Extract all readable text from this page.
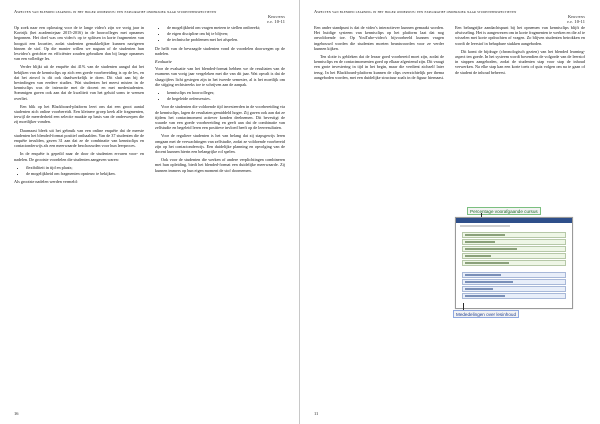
Aspecten van blended learning in het hoger onderwijs: een exploratief onderzoek naar studentperspectieven
Kerstens
p.p. 10-11

Op zoek naar een oplossing voor de te lange video's zijn we vorig jaar in Kortrijk (het academiejaar 2015-2016) in de hoorcolleges met opnames begonnen. Het doel was om video's op te splitsen in korte fragmenten van hooguit een kwartier, zodat studenten gemakkelijker kunnen navigeren binnen de stof. Op die manier willen we nagaan of de studenten hun lesvideo's gerichter en efficiënter zouden gebruiken dan bij lange opnames van een volledige les.

Verder blijkt uit de enquête dat 41% van de studenten aangaf dat het bekijken van de kennisclips op zich een goede voorbereiding is op de les, en dat het zinvol is dit ook daadwerkelijk te doen. Dit sluit aan bij de bevindingen van eerdere studies. Wat studenten het meest misten in de kennisclips was de interactie met de docent en met medestudenten. Sommigen gaven ook aan dat de kwaliteit van het geluid soms te wensen overliet.

Een blik op het Blackboard-platform leert ons dat een groot aantal studenten zich online voorbereidt. Een kleinere groep keek alle fragmenten, terwijl de meerderheid een selectie maakte op basis van de onderwerpen die zij moeilijker vonden.

Daarnaast bleek uit het gebruik van een online enquête dat de meeste studenten het blended-format positief onthaalden. Van de 37 studenten die de enquête invulden, gaven 31 aan dat ze de combinatie van kennisclips en contactonderwijs als een meerwaarde beschouwden voor hun leerproces.

In de enquête is gepeild naar de door de studenten ervaren voor- en nadelen. De grootste voordelen die studenten aangaven waren:

• flexibiliteit in tijd en plaats;
• de mogelijkheid om fragmenten opnieuw te bekijken.

Als grootste nadelen werden vermeld:

• de mogelijkheid om vragen meteen te stellen ontbreekt;
• de eigen discipline om bij te blijven;
• de technische problemen met het afspelen.

De helft van de bevraagde studenten vond de voordelen doorwegen op de nadelen.

Evaluatie

Voor de evaluatie van het blended-format hebben we de resultaten van de examens van vorig jaar vergeleken met die van dit jaar. Wat opvalt is dat de slaagcijfers licht gestegen zijn in het tweede semester, al is het moeilijk om die stijging rechtstreeks toe te schrijven aan de aanpak.

• kennisclips en hoorcolleges;
• de begeleide oefensessies.

Voor de studenten die voldoende tijd investeerden in de voorbereiding via de kennisclips, lagen de resultaten gemiddeld hoger. Zij gaven ook aan dat ze tijdens het contactmoment actiever konden deelnemen. Dit bevestigt de waarde van een goede voorbereiding en geeft aan dat de combinatie van zelfstudie en begeleid leren een positieve invloed heeft op de leerresultaten.

Voor de reguliere studenten is het van belang dat zij stapsgewijs leren omgaan met de verwachtingen van zelfstudie, zodat ze voldoende voorbereid zijn op het contactonderwijs. Een duidelijke planning en opvolging van de docent kunnen hierin een belangrijke rol spelen.

Ook voor de studenten die werken of andere verplichtingen combineren met hun opleiding, biedt het blended-format een duidelijke meerwaarde. Zij kunnen immers op hun eigen moment de stof doornemen.

16
Aspecten van blended learning in het hoger onderwijs: een exploratief onderzoek naar studentperspectieven
Kerstens
p.p. 10-11

Een ander standpunt is dat de video's interactiever kunnen gemaakt worden. Het huidige systeem van kennisclips op het platform laat dat nog onvoldoende toe. Op YouTube-video's bijvoorbeeld kunnen vragen ingebouwd worden die studenten moeten beantwoorden voor ze verder kunnen kijken.

Ten slotte is gebleken dat de leraar goed voorbereid moet zijn, zodat de kennisclips en de contactmomenten goed op elkaar afgestemd zijn. Dit vraagt een grote investering in tijd in het begin, maar die verdient zichzelf later terug. In het Blackboard-platform kunnen de clips overzichtelijk per thema aangeboden worden, met een duidelijke structuur zoals in de figuur hiernaast.

Een belangrijke aandachtspunt bij het opnemen van kennisclips blijft de afwisseling. Het is aangewezen om in korte fragmenten te werken en die af te wisselen met korte opdrachten of vragen. Zo blijven studenten betrokken en wordt de leerstof in behapbare stukken aangeboden.

Dit komt de bijdrage (chronologisch gezien) van het blended learning-aspect ten goede. In het systeem wordt bovendien de volgorde van de leerstof in stappen aangeboden, zodat de studenten stap voor stap de inhoud verwerken. Na elke stap kan een korte toets of quiz volgen om na te gaan of de student de inhoud beheerst.

Percentage voorafgaande cursus
Mededelingen over lesinhoud
11
